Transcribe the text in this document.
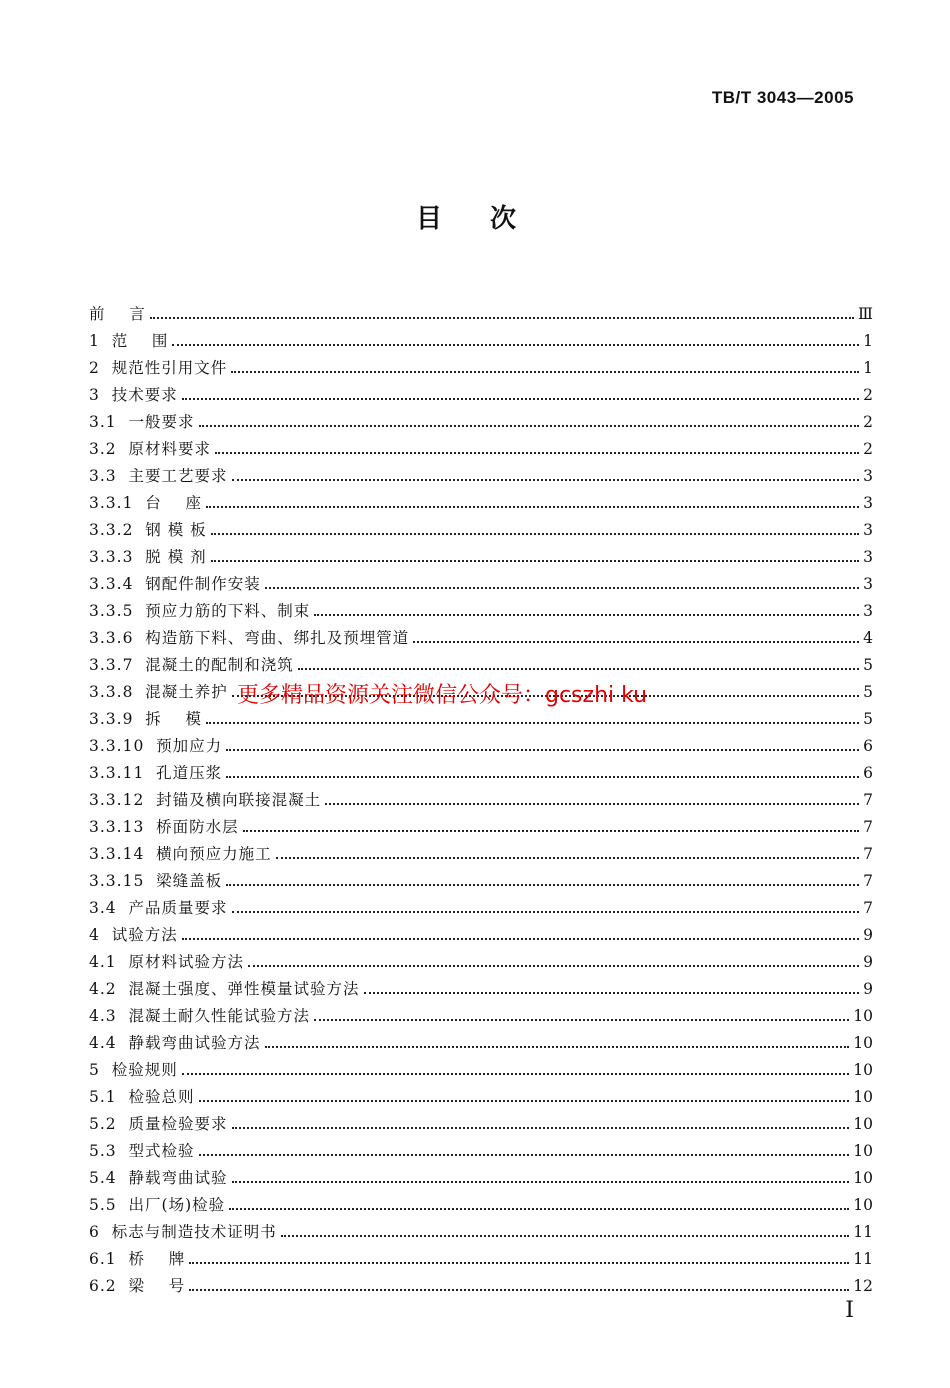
TB/T 3043—2005
目次
前    言	Ⅲ
1 范    围	1
2 规范性引用文件	1
3 技术要求	2
3.1 一般要求	2
3.2 原材料要求	2
3.3 主要工艺要求	3
3.3.1 台    座	3
3.3.2 钢 模 板	3
3.3.3 脱 模 剂	3
3.3.4 钢配件制作安装	3
3.3.5 预应力筋的下料、制束	3
3.3.6 构造筋下料、弯曲、绑扎及预埋管道	4
3.3.7 混凝土的配制和浇筑	5
3.3.8 混凝土养护	5
3.3.9 拆    模	5
3.3.10 预加应力	6
3.3.11 孔道压浆	6
3.3.12 封锚及横向联接混凝土	7
3.3.13 桥面防水层	7
3.3.14 横向预应力施工	7
3.3.15 梁缝盖板	7
3.4 产品质量要求	7
4 试验方法	9
4.1 原材料试验方法	9
4.2 混凝土强度、弹性模量试验方法	9
4.3 混凝土耐久性能试验方法	10
4.4 静载弯曲试验方法	10
5 检验规则	10
5.1 检验总则	10
5.2 质量检验要求	10
5.3 型式检验	10
5.4 静载弯曲试验	10
5.5 出厂(场)检验	10
6 标志与制造技术证明书	11
6.1 桥    牌	11
6.2 梁    号	12
更多精品资源关注微信公众号：gcszhi ku
I
